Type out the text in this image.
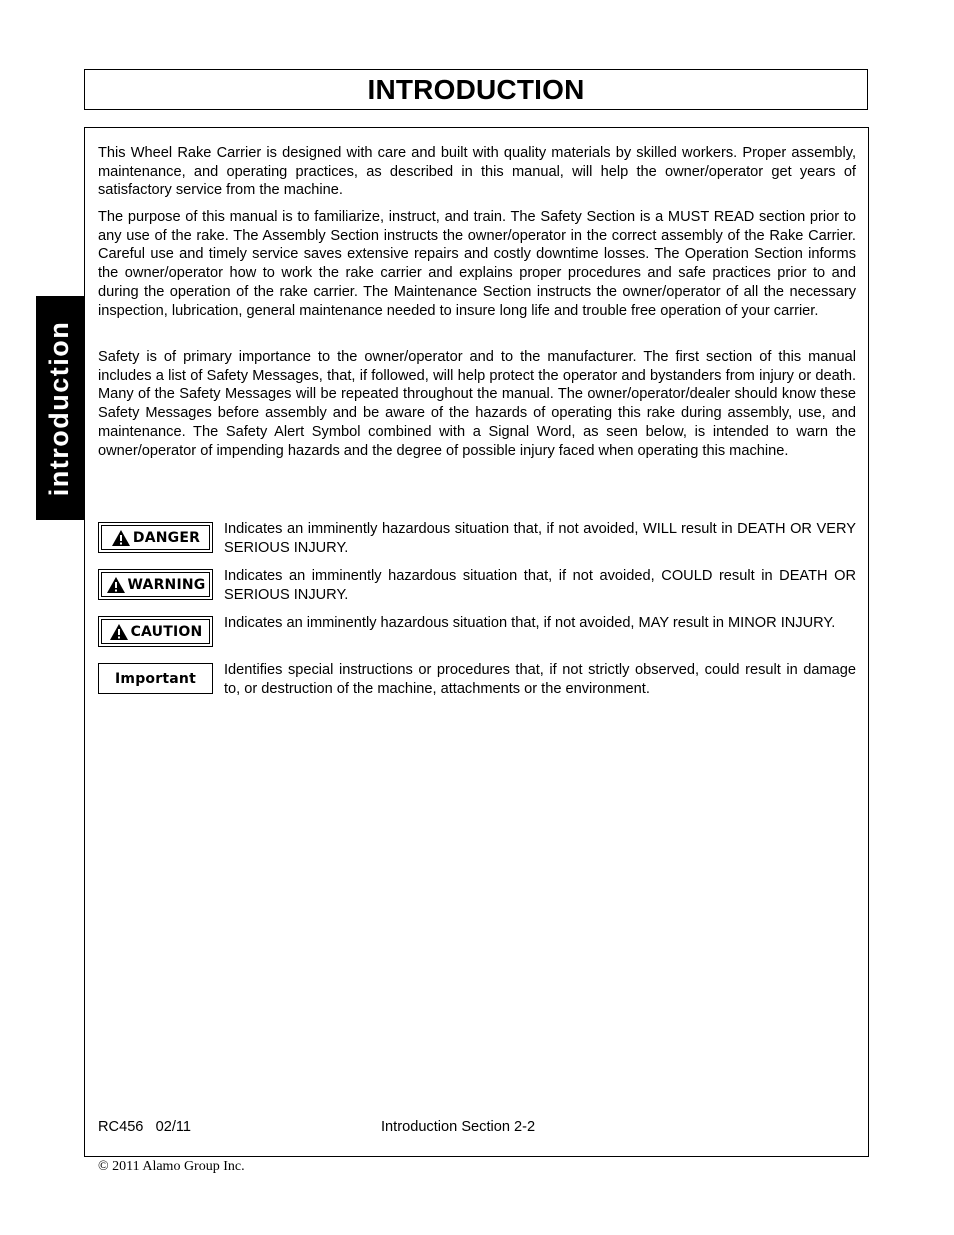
INTRODUCTION
introduction

This Wheel Rake Carrier is designed with care and built with quality materials by skilled workers. Proper assembly, maintenance, and operating practices, as described in this manual, will help the owner/operator get years of satisfactory service from the machine.

The purpose of this manual is to familiarize, instruct, and train. The Safety Section is a MUST READ section prior to any use of the rake. The Assembly Section instructs the owner/operator in the correct assembly of the Rake Carrier. Careful use and timely service saves extensive repairs and costly downtime losses. The Operation Section informs the owner/operator how to work the rake carrier and explains proper procedures and safe practices prior to and during the operation of the rake carrier. The Maintenance Section instructs the owner/operator of all the necessary inspection, lubrication, general maintenance needed to insure long life and trouble free operation of your carrier.

Safety is of primary importance to the owner/operator and to the manufacturer. The first section of this manual includes a list of Safety Messages, that, if followed, will help protect the operator and bystanders from injury or death. Many of the Safety Messages will be repeated throughout the manual. The owner/operator/dealer should know these Safety Messages before assembly and be aware of the hazards of operating this rake during assembly, use, and maintenance. The Safety Alert Symbol combined with a Signal Word, as seen below, is intended to warn the owner/operator of impending hazards and the degree of possible injury faced when operating this machine.

DANGER

Indicates an imminently hazardous situation that, if not avoided, WILL result in DEATH OR VERY SERIOUS INJURY.

WARNING

Indicates an imminently hazardous situation that, if not avoided, COULD result in DEATH OR SERIOUS INJURY.

CAUTION

Indicates an imminently hazardous situation that, if not avoided, MAY result in MINOR INJURY.

Important

Identifies special instructions or procedures that, if not strictly observed, could result in damage to, or destruction of the machine, attachments or the environment.

RC456   02/11	Introduction Section 2-2
© 2011 Alamo Group Inc.
